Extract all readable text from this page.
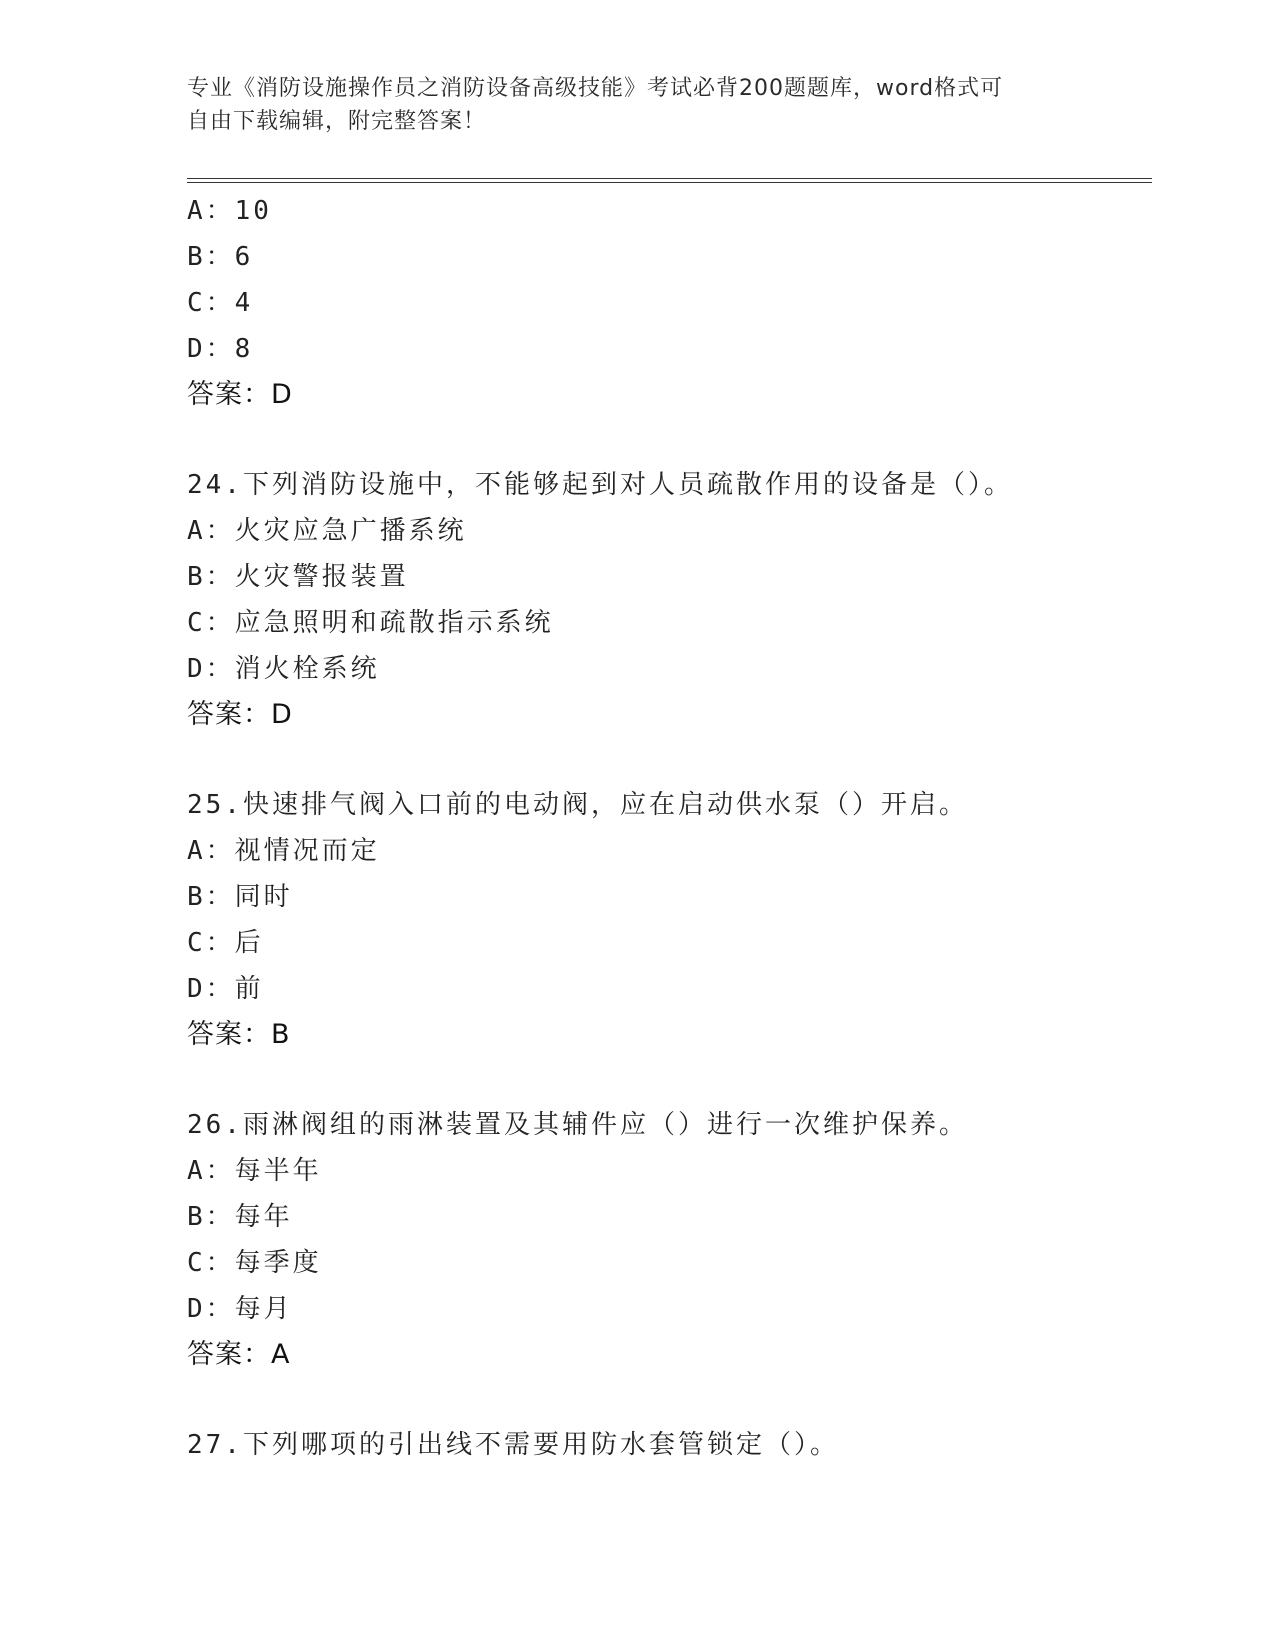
专业《消防设施操作员之消防设备高级技能》考试必背200题题库，word格式可
自由下载编辑，附完整答案！
A：10
B：6
C：4
D：8
答案：D
24.下列消防设施中，不能够起到对人员疏散作用的设备是（）。
A：火灾应急广播系统
B：火灾警报装置
C：应急照明和疏散指示系统
D：消火栓系统
答案：D
25.快速排气阀入口前的电动阀，应在启动供水泵（）开启。
A：视情况而定
B：同时
C：后
D：前
答案：B
26.雨淋阀组的雨淋装置及其辅件应（）进行一次维护保养。
A：每半年
B：每年
C：每季度
D：每月
答案：A
27.下列哪项的引出线不需要用防水套管锁定（）。
